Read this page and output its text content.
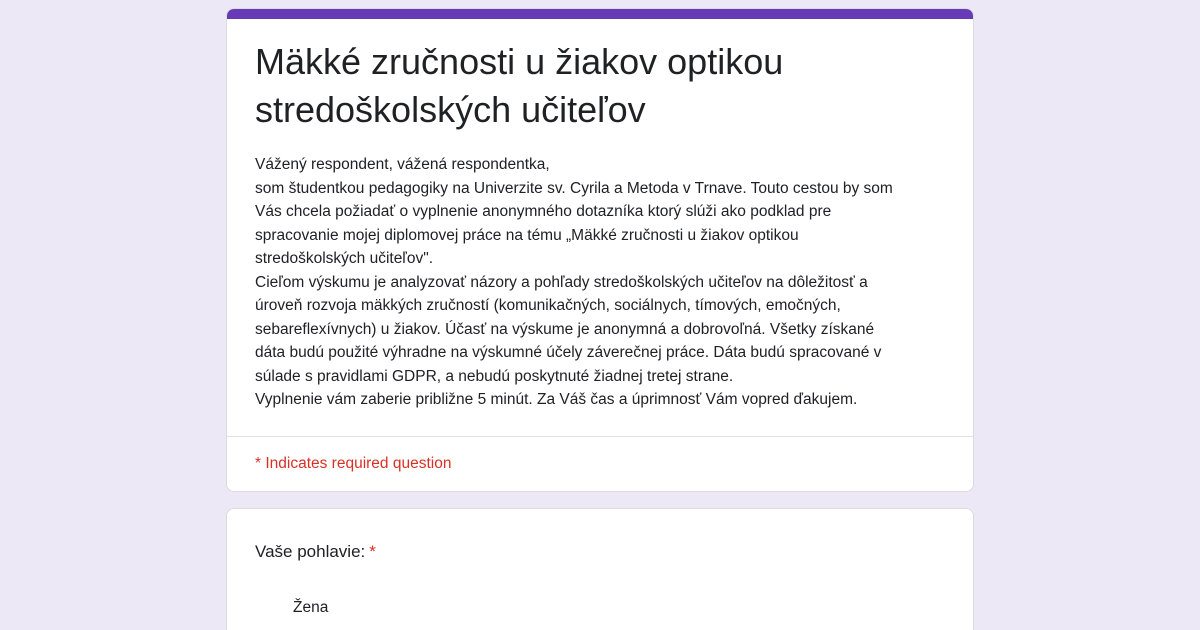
Mäkké zručnosti u žiakov optikou
stredoškolských učiteľov
Vážený respondent, vážená respondentka,
som študentkou pedagogiky na Univerzite sv. Cyrila a Metoda v Trnave. Touto cestou by som
Vás chcela požiadať o vyplnenie anonymného dotazníka ktorý slúži ako podklad pre
spracovanie mojej diplomovej práce na tému „Mäkké zručnosti u žiakov optikou
stredoškolských učiteľov".
Cieľom výskumu je analyzovať názory a pohľady stredoškolských učiteľov na dôležitosť a
úroveň rozvoja mäkkých zručností (komunikačných, sociálnych, tímových, emočných,
sebareflexívnych) u žiakov. Účasť na výskume je anonymná a dobrovoľná. Všetky získané
dáta budú použité výhradne na výskumné účely záverečnej práce. Dáta budú spracované v
súlade s pravidlami GDPR, a nebudú poskytnuté žiadnej tretej strane.
Vyplnenie vám zaberie približne 5 minút. Za Váš čas a úprimnosť Vám vopred ďakujem.
* Indicates required question
Vaše pohlavie: *
Žena
